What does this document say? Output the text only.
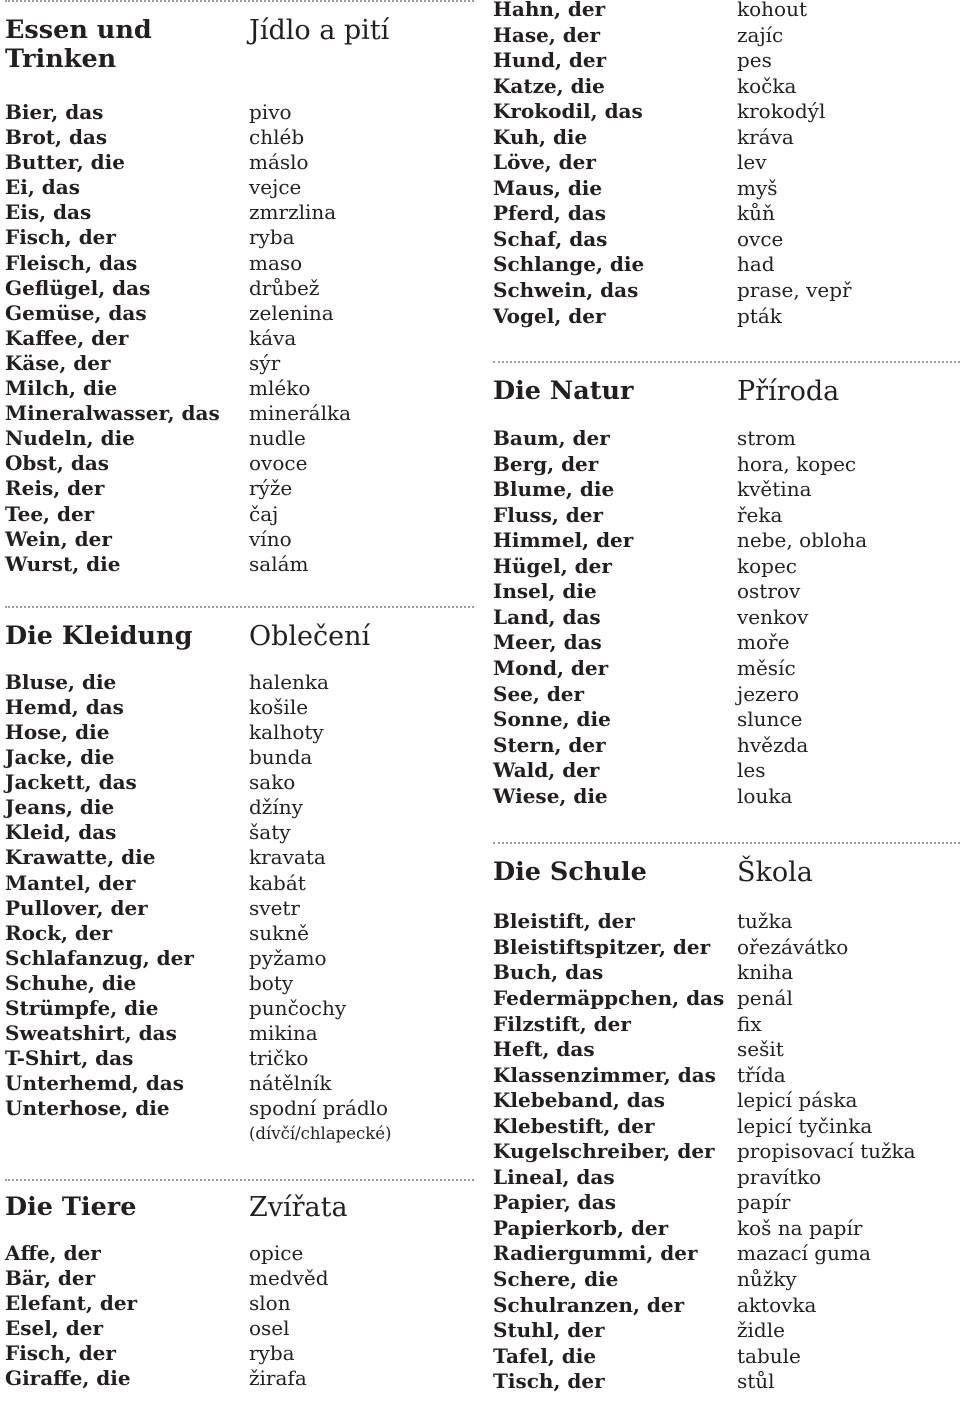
Essen und Trinken
Jídlo a pití
Bier, das	pivo
Brot, das	chléb
Butter, die	máslo
Ei, das	vejce
Eis, das	zmrzlina
Fisch, der	ryba
Fleisch, das	maso
Geflügel, das	drůbež
Gemüse, das	zelenina
Kaffee, der	káva
Käse, der	sýr
Milch, die	mléko
Mineralwasser, das	minerálka
Nudeln, die	nudle
Obst, das	ovoce
Reis, der	rýže
Tee, der	čaj
Wein, der	víno
Wurst, die	salám
Die Kleidung	Oblečení
Bluse, die	halenka
Hemd, das	košile
Hose, die	kalhoty
Jacke, die	bunda
Jackett, das	sako
Jeans, die	džíny
Kleid, das	šaty
Krawatte, die	kravata
Mantel, der	kabát
Pullover, der	svetr
Rock, der	sukně
Schlafanzug, der	pyžamo
Schuhe, die	boty
Strümpfe, die	punčochy
Sweatshirt, das	mikina
T-Shirt, das	tričko
Unterhemd, das	nátělník
Unterhose, die	spodní prádlo
(dívčí/chlapecké)
Die Tiere	Zvířata
Affe, der	opice
Bär, der	medvěd
Elefant, der	slon
Esel, der	osel
Fisch, der	ryba
Giraffe, die	žirafa
Hahn, der	kohout
Hase, der	zajíc
Hund, der	pes
Katze, die	kočka
Krokodil, das	krokodýl
Kuh, die	kráva
Löve, der	lev
Maus, die	myš
Pferd, das	kůň
Schaf, das	ovce
Schlange, die	had
Schwein, das	prase, vepř
Vogel, der	pták
Die Natur	Příroda
Baum, der	strom
Berg, der	hora, kopec
Blume, die	květina
Fluss, der	řeka
Himmel, der	nebe, obloha
Hügel, der	kopec
Insel, die	ostrov
Land, das	venkov
Meer, das	moře
Mond, der	měsíc
See, der	jezero
Sonne, die	slunce
Stern, der	hvězda
Wald, der	les
Wiese, die	louka
Die Schule	Škola
Bleistift, der	tužka
Bleistiftspitzer, der	ořezávátko
Buch, das	kniha
Federmäppchen, das penál
Filzstift, der	fix
Heft, das	sešit
Klassenzimmer, das	třída
Klebeband, das	lepicí páska
Klebestift, der	lepicí tyčinka
Kugelschreiber, der	propisovací tužka
Lineal, das	pravítko
Papier, das	papír
Papierkorb, der	koš na papír
Radiergummi, der	mazací guma
Schere, die	nůžky
Schulranzen, der	aktovka
Stuhl, der	židle
Tafel, die	tabule
Tisch, der	stůl
